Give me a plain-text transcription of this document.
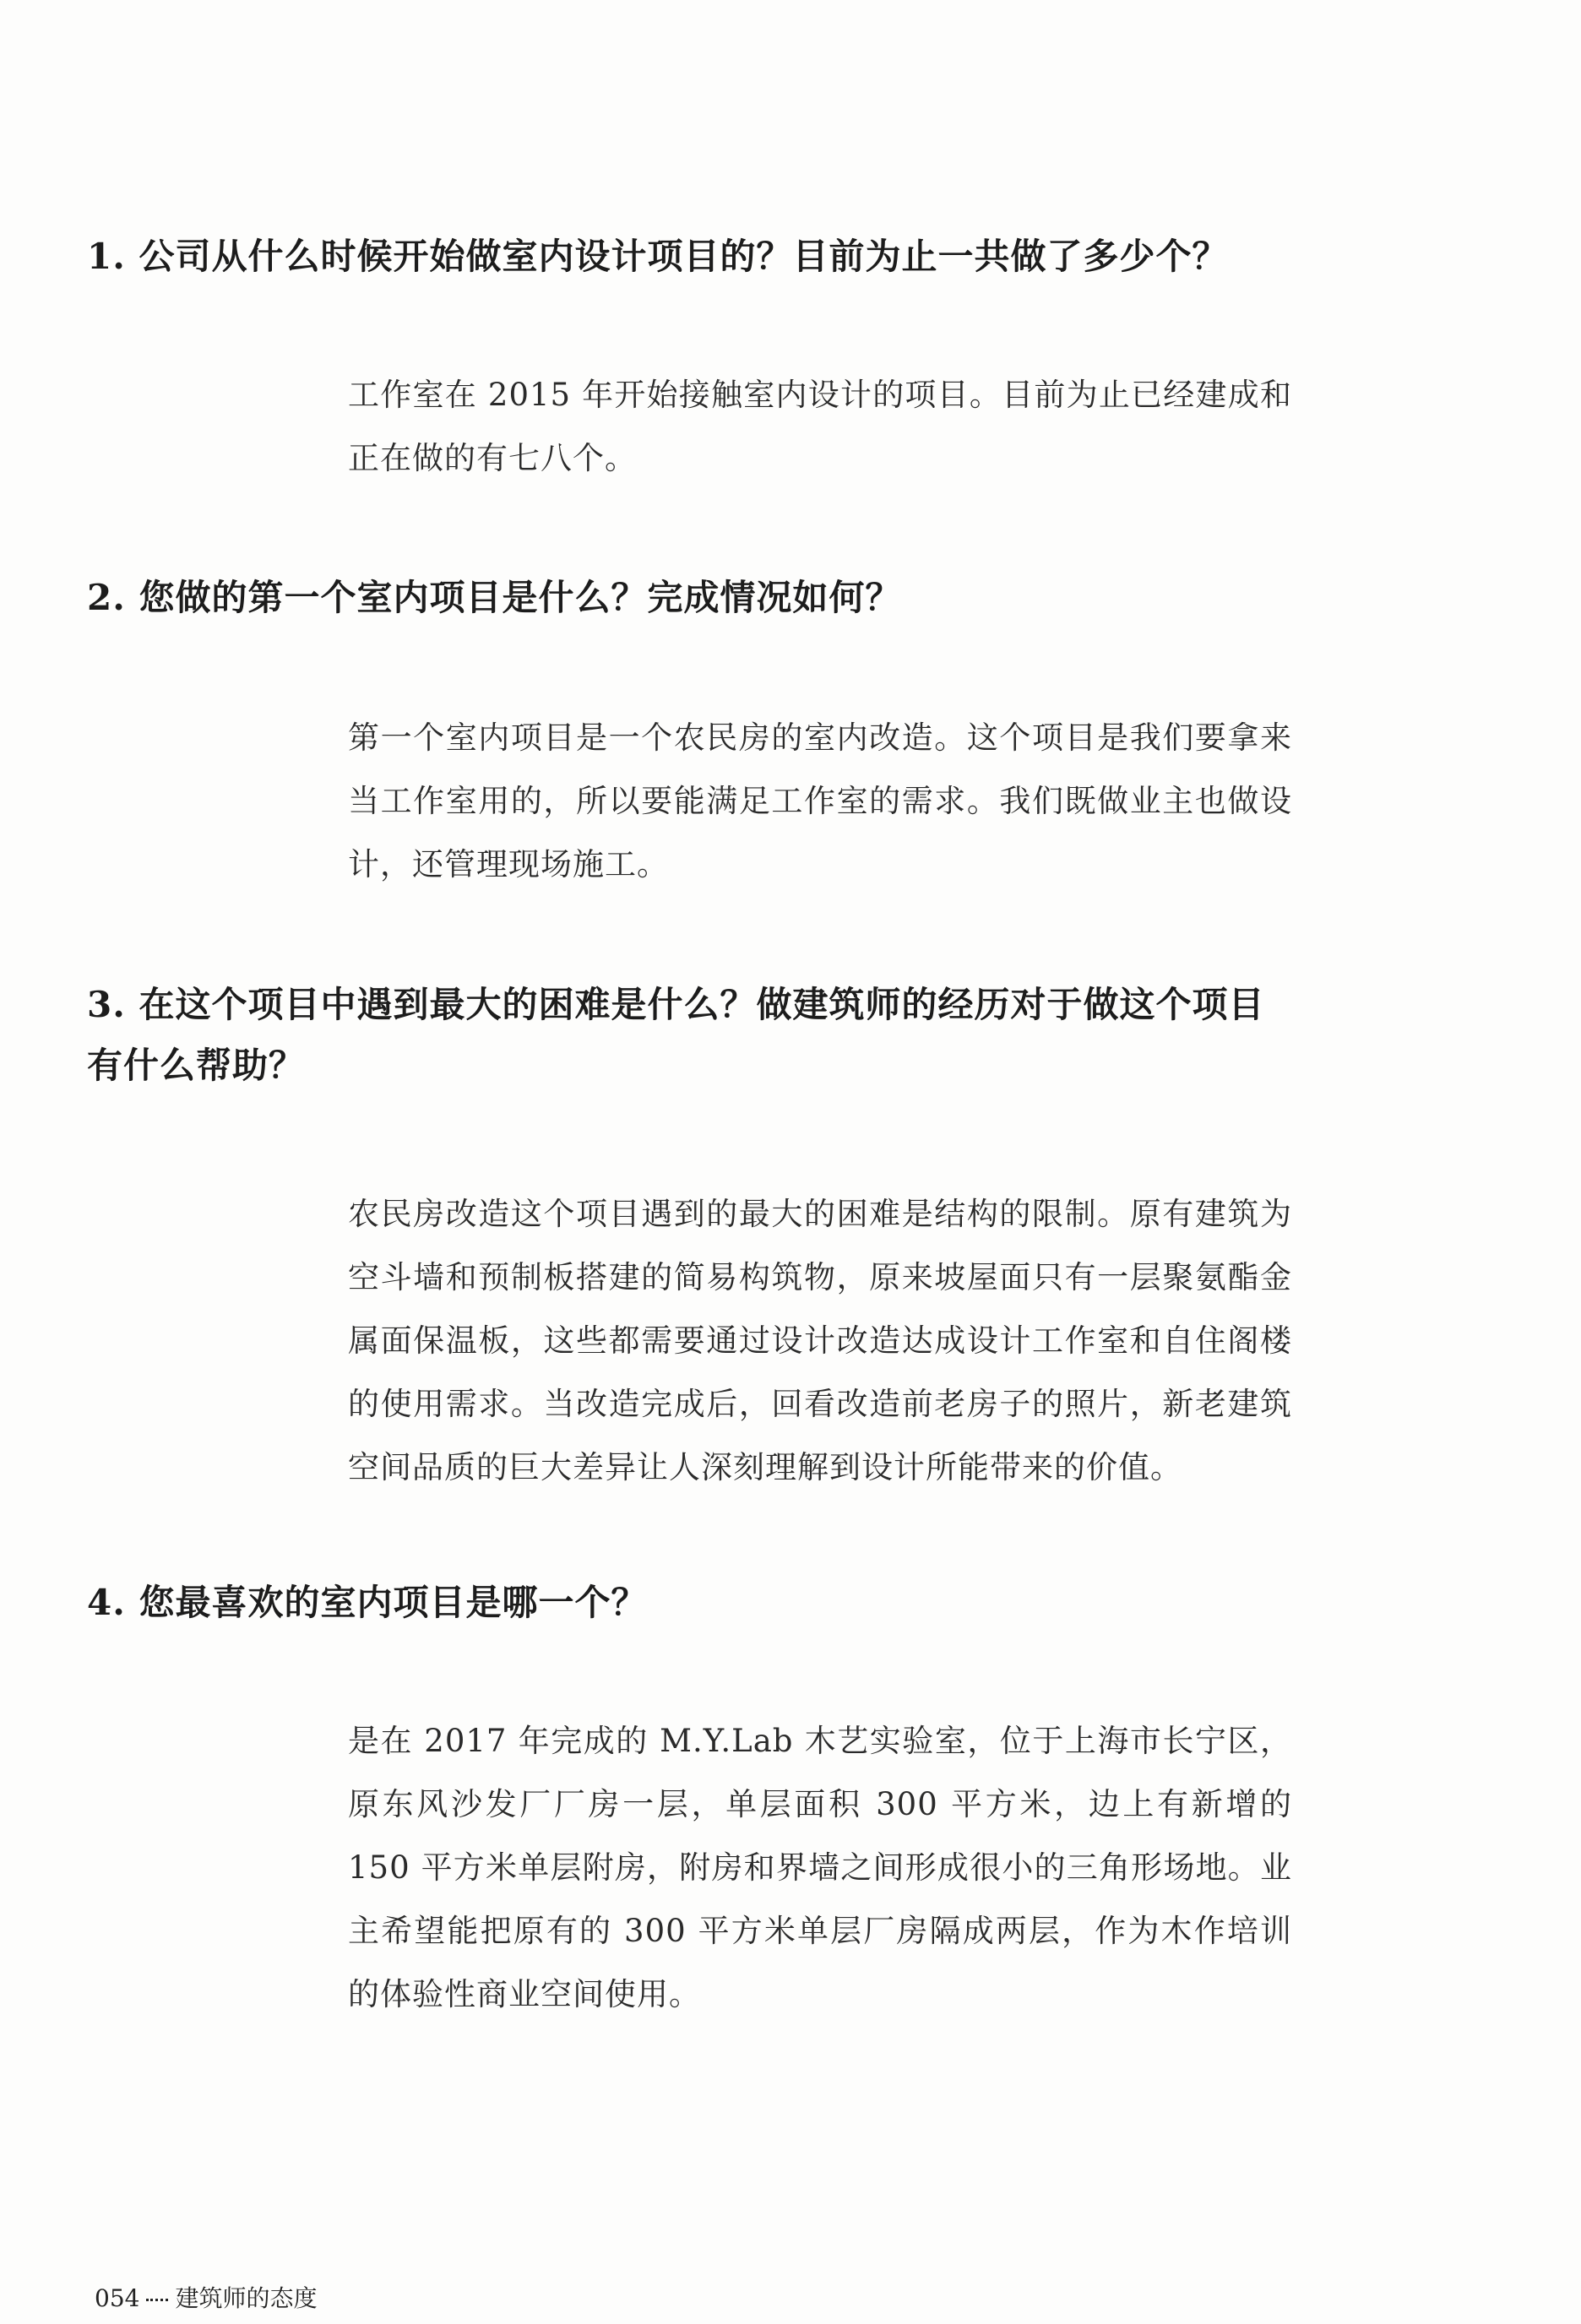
1. 公司从什么时候开始做室内设计项目的？目前为止一共做了多少个？
工作室在 2015 年开始接触室内设计的项目。目前为止已经建成和正在做的有七八个。
2. 您做的第一个室内项目是什么？完成情况如何？
第一个室内项目是一个农民房的室内改造。这个项目是我们要拿来当工作室用的，所以要能满足工作室的需求。我们既做业主也做设计，还管理现场施工。
3. 在这个项目中遇到最大的困难是什么？做建筑师的经历对于做这个项目有什么帮助？
农民房改造这个项目遇到的最大的困难是结构的限制。原有建筑为空斗墙和预制板搭建的简易构筑物，原来坡屋面只有一层聚氨酯金属面保温板，这些都需要通过设计改造达成设计工作室和自住阁楼的使用需求。当改造完成后，回看改造前老房子的照片，新老建筑空间品质的巨大差异让人深刻理解到设计所能带来的价值。
4. 您最喜欢的室内项目是哪一个？
是在 2017 年完成的 M.Y.Lab 木艺实验室，位于上海市长宁区，原东风沙发厂厂房一层，单层面积 300 平方米，边上有新增的 150 平方米单层附房，附房和界墙之间形成很小的三角形场地。业主希望能把原有的 300 平方米单层厂房隔成两层，作为木作培训的体验性商业空间使用。
054 建筑师的态度
